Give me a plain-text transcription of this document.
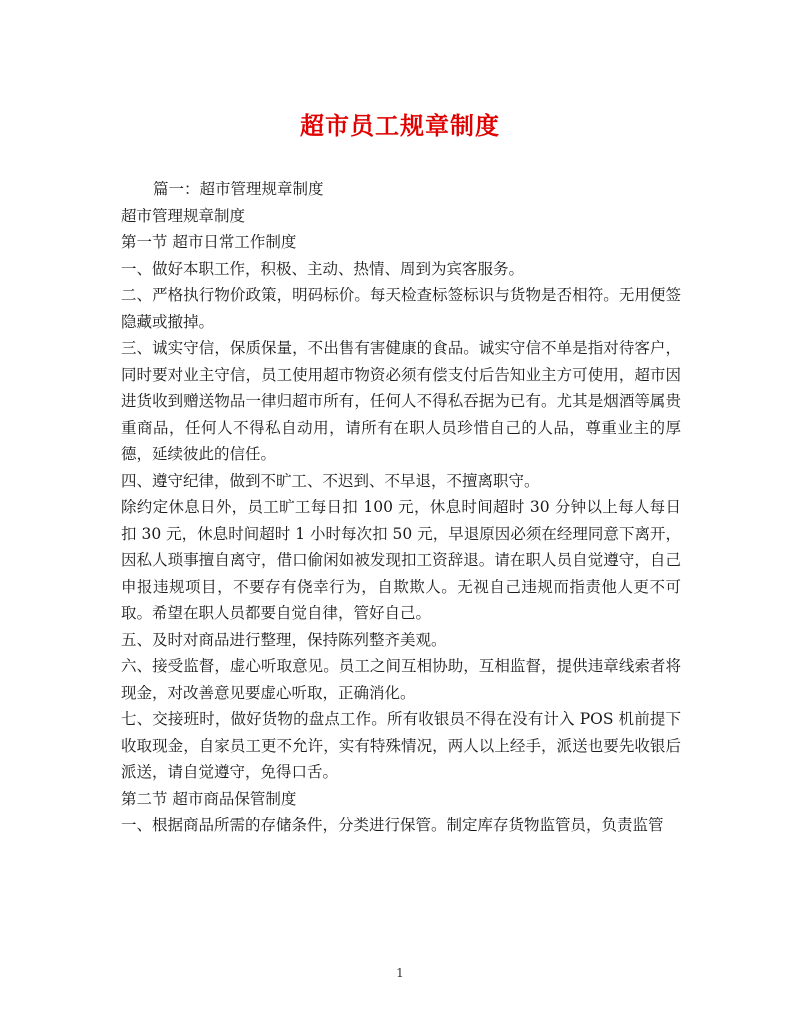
超市员工规章制度

篇一：超市管理规章制度

超市管理规章制度

第一节 超市日常工作制度

一、做好本职工作，积极、主动、热情、周到为宾客服务。

二、严格执行物价政策，明码标价。每天检查标签标识与货物是否相符。无用便签隐藏或撤掉。

三、诚实守信，保质保量，不出售有害健康的食品。诚实守信不单是指对待客户，同时要对业主守信，员工使用超市物资必须有偿支付后告知业主方可使用，超市因进货收到赠送物品一律归超市所有，任何人不得私吞据为已有。尤其是烟酒等属贵重商品，任何人不得私自动用，请所有在职人员珍惜自己的人品，尊重业主的厚德，延续彼此的信任。

四、遵守纪律，做到不旷工、不迟到、不早退，不擅离职守。

除约定休息日外，员工旷工每日扣 100 元，休息时间超时 30 分钟以上每人每日扣 30 元，休息时间超时 1 小时每次扣 50 元，早退原因必须在经理同意下离开，因私人琐事擅自离守，借口偷闲如被发现扣工资辞退。请在职人员自觉遵守，自己申报违规项目，不要存有侥幸行为，自欺欺人。无视自己违规而指责他人更不可取。希望在职人员都要自觉自律，管好自己。

五、及时对商品进行整理，保持陈列整齐美观。

六、接受监督，虚心听取意见。员工之间互相协助，互相监督，提供违章线索者将现金，对改善意见要虚心听取，正确消化。

七、交接班时，做好货物的盘点工作。所有收银员不得在没有计入 POS 机前提下收取现金，自家员工更不允许，实有特殊情况，两人以上经手，派送也要先收银后派送，请自觉遵守，免得口舌。

第二节 超市商品保管制度

一、根据商品所需的存储条件，分类进行保管。制定库存货物监管员，负责监管

1
